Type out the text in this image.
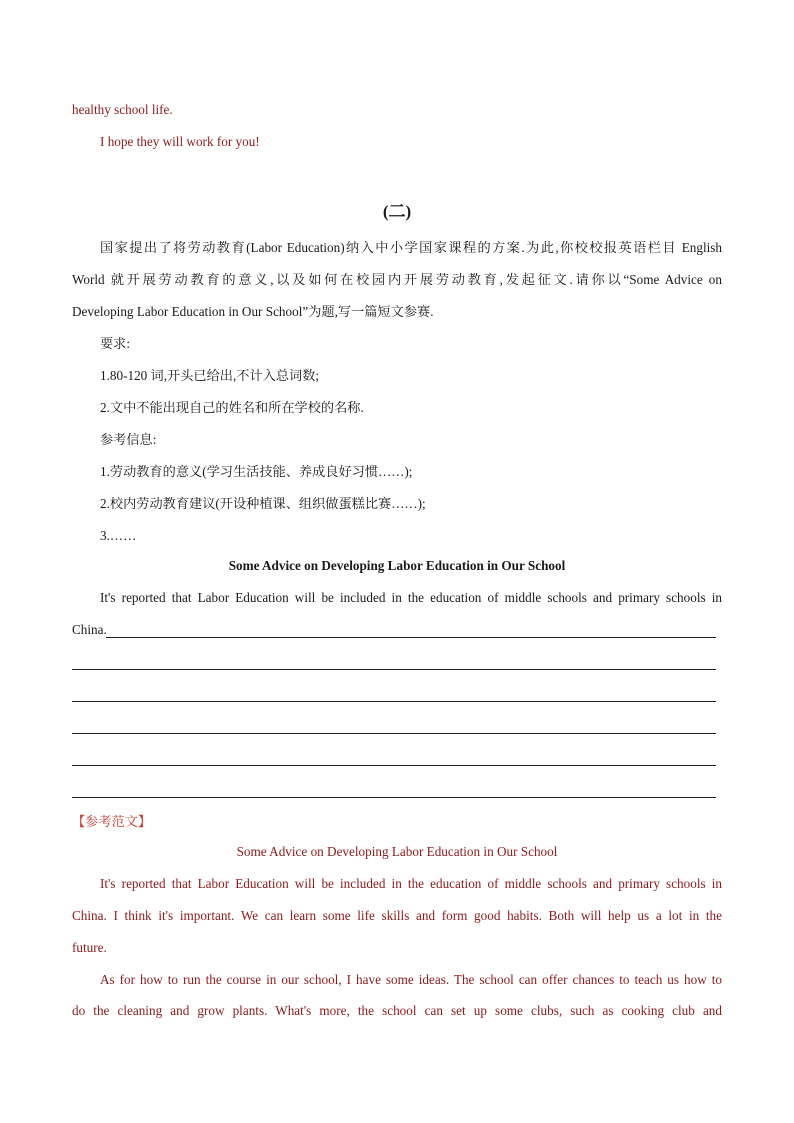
healthy school life.
I hope they will work for you!
(二)
国家提出了将劳动教育(Labor Education)纳入中小学国家课程的方案.为此,你校校报英语栏目 English
World 就开展劳动教育的意义,以及如何在校园内开展劳动教育,发起征文.请你以“Some Advice on
Developing Labor Education in Our School”为题,写一篇短文参赛.
要求:
1.80-120 词,开头已给出,不计入总词数;
2.文中不能出现自己的姓名和所在学校的名称.
参考信息:
1.劳动教育的意义(学习生活技能、养成良好习惯……);
2.校内劳动教育建议(开设种植课、组织做蛋糕比赛……);
3.……
Some Advice on Developing Labor Education in Our School
It's reported that Labor Education will be included in the education of middle schools and primary schools in
China.
【参考范文】
Some Advice on Developing Labor Education in Our School
It's reported that Labor Education will be included in the education of middle schools and primary schools in
China. I think it's important. We can learn some life skills and form good habits. Both will help us a lot in the
future.
As for how to run the course in our school, I have some ideas. The school can offer chances to teach us how to
do the cleaning and grow plants. What's more, the school can set up some clubs, such as cooking club and
